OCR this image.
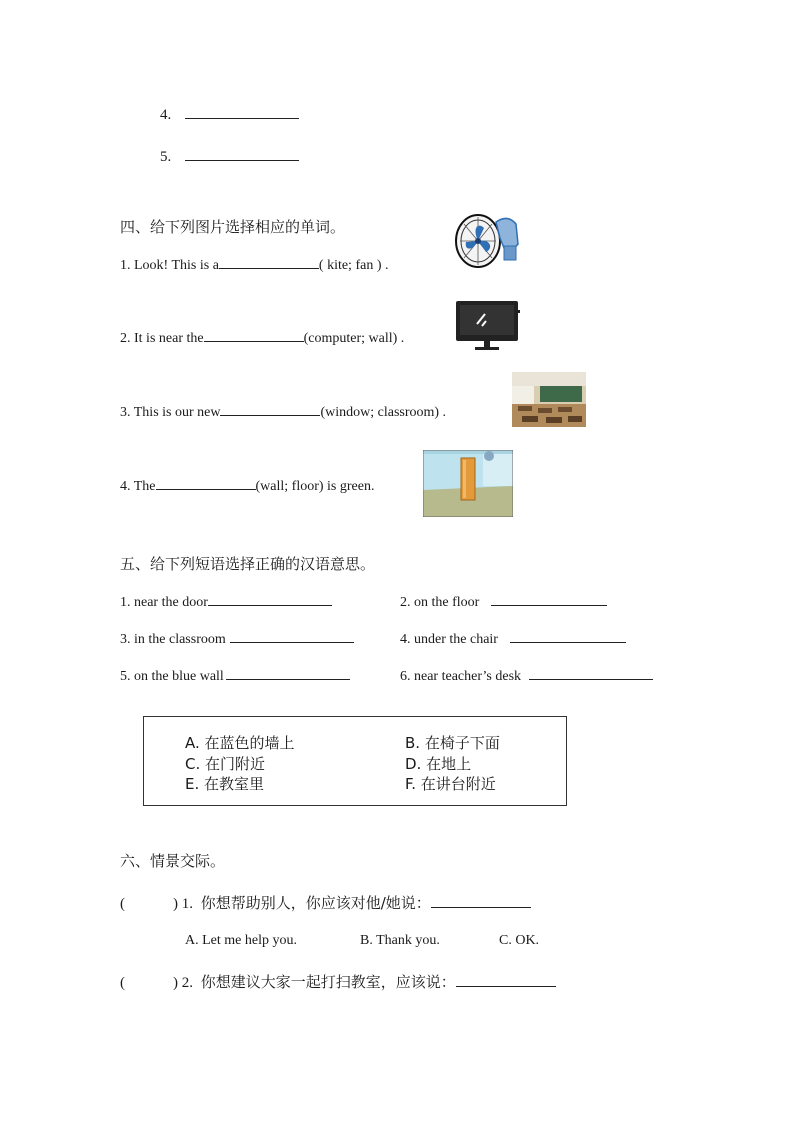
4.
5.
四、给下列图片选择相应的单词。
1. Look! This is a	( kite; fan ) .
2. It is near the	(computer; wall) .
3. This is our new	(window; classroom) .
4. The	(wall; floor) is green.
五、给下列短语选择正确的汉语意思。
1. near the door	2. on the floor
3. in the classroom	4. under the chair
5. on the blue wall	6. near teacher’s desk
A. 在蓝色的墙上	B. 在椅子下面
C. 在门附近	D. 在地上
E. 在教室里	F. 在讲台附近
六、情景交际。
(	) 1. 你想帮助别人，你应该对他/她说：
A. Let me help you.	B. Thank you.	C. OK.
(	) 2. 你想建议大家一起打扫教室，应该说：
